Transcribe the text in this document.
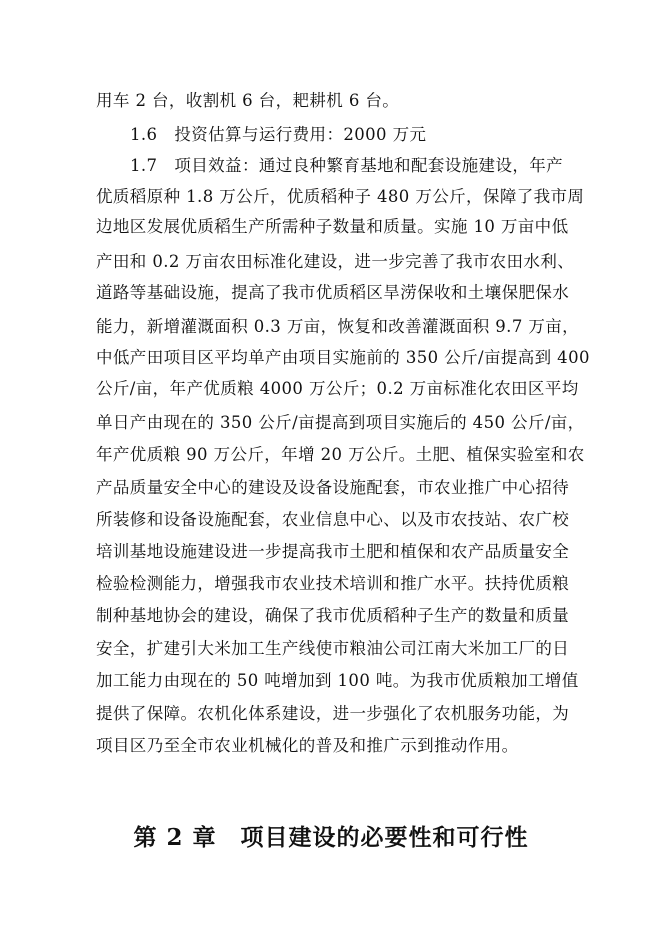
用车 2 台，收割机 6 台，耙耕机 6 台。
1.6　投资估算与运行费用：2000 万元
1.7　项目效益：通过良种繁育基地和配套设施建设，年产
优质稻原种 1.8 万公斤，优质稻种子 480 万公斤，保障了我市周
边地区发展优质稻生产所需种子数量和质量。实施 10 万亩中低
产田和 0.2 万亩农田标准化建设，进一步完善了我市农田水利、
道路等基础设施，提高了我市优质稻区旱涝保收和土壤保肥保水
能力，新增灌溉面积 0.3 万亩，恢复和改善灌溉面积 9.7 万亩，
中低产田项目区平均单产由项目实施前的 350 公斤/亩提高到 400
公斤/亩，年产优质粮 4000 万公斤；0.2 万亩标准化农田区平均
单日产由现在的 350 公斤/亩提高到项目实施后的 450 公斤/亩，
年产优质粮 90 万公斤，年增 20 万公斤。土肥、植保实验室和农
产品质量安全中心的建设及设备设施配套，市农业推广中心招待
所装修和设备设施配套，农业信息中心、以及市农技站、农广校
培训基地设施建设进一步提高我市土肥和植保和农产品质量安全
检验检测能力，增强我市农业技术培训和推广水平。扶持优质粮
制种基地协会的建设，确保了我市优质稻种子生产的数量和质量
安全，扩建引大米加工生产线使市粮油公司江南大米加工厂的日
加工能力由现在的 50 吨增加到 100 吨。为我市优质粮加工增值
提供了保障。农机化体系建设，进一步强化了农机服务功能，为
项目区乃至全市农业机械化的普及和推广示到推动作用。
第 2 章　项目建设的必要性和可行性
